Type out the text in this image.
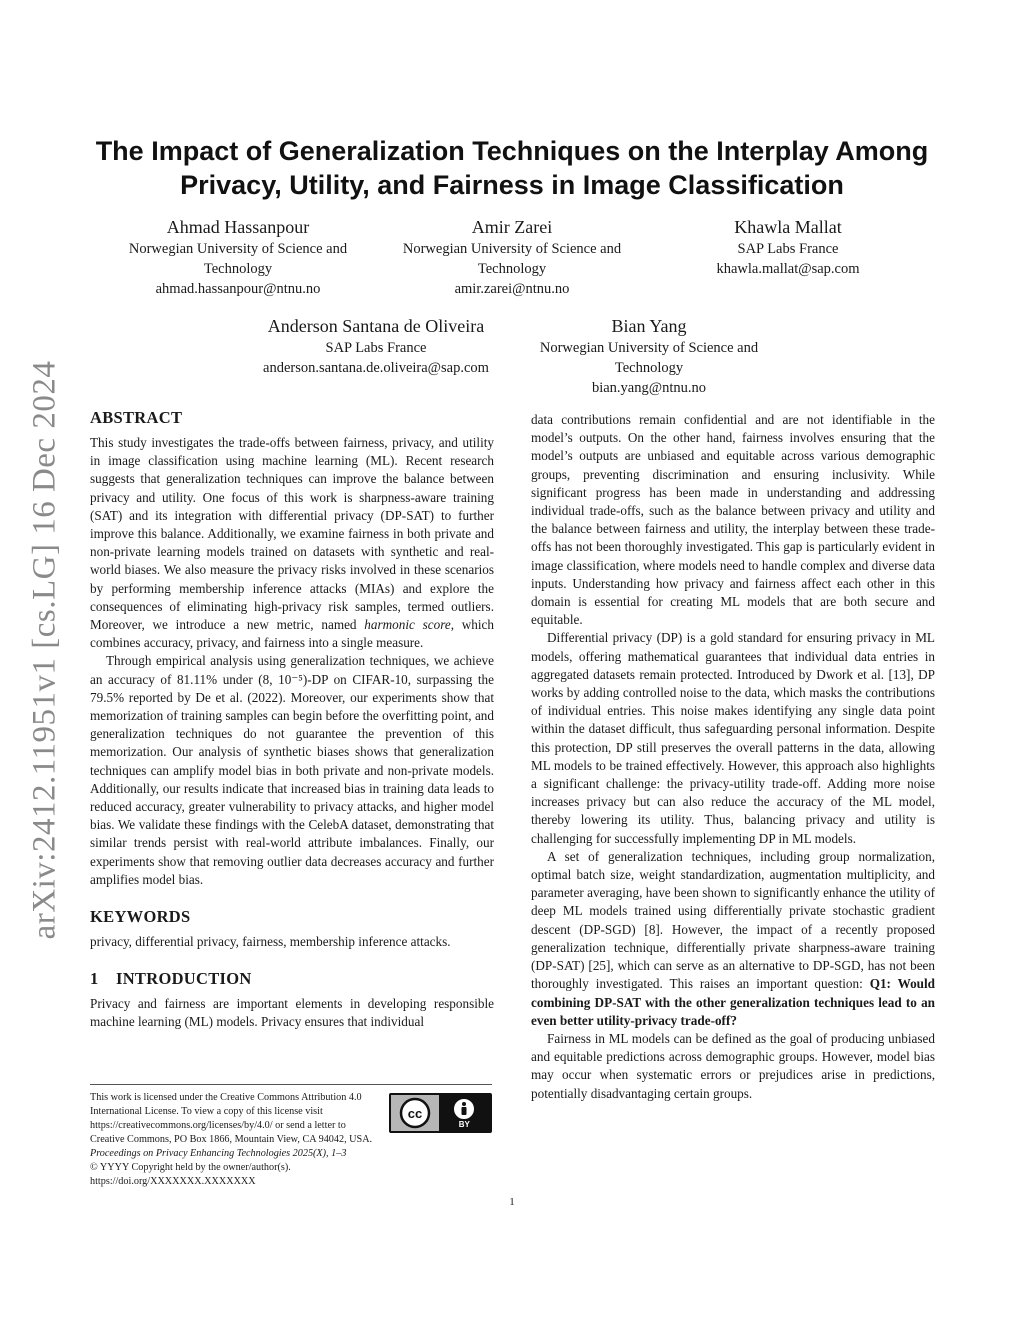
arXiv:2412.11951v1 [cs.LG] 16 Dec 2024
The Impact of Generalization Techniques on the Interplay Among
Privacy, Utility, and Fairness in Image Classification
Ahmad Hassanpour
Norwegian University of Science and
Technology
ahmad.hassanpour@ntnu.no
Amir Zarei
Norwegian University of Science and
Technology
amir.zarei@ntnu.no
Khawla Mallat
SAP Labs France
khawla.mallat@sap.com
Anderson Santana de Oliveira
SAP Labs France
anderson.santana.de.oliveira@sap.com
Bian Yang
Norwegian University of Science and
Technology
bian.yang@ntnu.no
ABSTRACT

This study investigates the trade-offs between fairness, privacy, and utility in image classification using machine learning (ML). Recent research suggests that generalization techniques can improve the balance between privacy and utility. One focus of this work is sharpness-aware training (SAT) and its integration with differential privacy (DP-SAT) to further improve this balance. Additionally, we examine fairness in both private and non-private learning models trained on datasets with synthetic and real-world biases. We also measure the privacy risks involved in these scenarios by performing membership inference attacks (MIAs) and explore the consequences of eliminating high-privacy risk samples, termed outliers. Moreover, we introduce a new metric, named harmonic score, which combines accuracy, privacy, and fairness into a single measure.

Through empirical analysis using generalization techniques, we achieve an accuracy of 81.11% under (8, 10⁻⁵)-DP on CIFAR-10, surpassing the 79.5% reported by De et al. (2022). Moreover, our experiments show that memorization of training samples can begin before the overfitting point, and generalization techniques do not guarantee the prevention of this memorization. Our analysis of synthetic biases shows that generalization techniques can amplify model bias in both private and non-private models. Additionally, our results indicate that increased bias in training data leads to reduced accuracy, greater vulnerability to privacy attacks, and higher model bias. We validate these findings with the CelebA dataset, demonstrating that similar trends persist with real-world attribute imbalances. Finally, our experiments show that removing outlier data decreases accuracy and further amplifies model bias.

KEYWORDS

privacy, differential privacy, fairness, membership inference attacks.

1 INTRODUCTION

Privacy and fairness are important elements in developing responsible machine learning (ML) models. Privacy ensures that individual

data contributions remain confidential and are not identifiable in the model’s outputs. On the other hand, fairness involves ensuring that the model’s outputs are unbiased and equitable across various demographic groups, preventing discrimination and ensuring inclusivity. While significant progress has been made in understanding and addressing individual trade-offs, such as the balance between privacy and utility and the balance between fairness and utility, the interplay between these trade-offs has not been thoroughly investigated. This gap is particularly evident in image classification, where models need to handle complex and diverse data inputs. Understanding how privacy and fairness affect each other in this domain is essential for creating ML models that are both secure and equitable.

Differential privacy (DP) is a gold standard for ensuring privacy in ML models, offering mathematical guarantees that individual data entries in aggregated datasets remain protected. Introduced by Dwork et al. [13], DP works by adding controlled noise to the data, which masks the contributions of individual entries. This noise makes identifying any single data point within the dataset difficult, thus safeguarding personal information. Despite this protection, DP still preserves the overall patterns in the data, allowing ML models to be trained effectively. However, this approach also highlights a significant challenge: the privacy-utility trade-off. Adding more noise increases privacy but can also reduce the accuracy of the ML model, thereby lowering its utility. Thus, balancing privacy and utility is challenging for successfully implementing DP in ML models.

A set of generalization techniques, including group normalization, optimal batch size, weight standardization, augmentation multiplicity, and parameter averaging, have been shown to significantly enhance the utility of deep ML models trained using differentially private stochastic gradient descent (DP-SGD) [8]. However, the impact of a recently proposed generalization technique, differentially private sharpness-aware training (DP-SAT) [25], which can serve as an alternative to DP-SGD, has not been thoroughly investigated. This raises an important question: Q1: Would combining DP-SAT with the other generalization techniques lead to an even better utility-privacy trade-off?

Fairness in ML models can be defined as the goal of producing unbiased and equitable predictions across demographic groups. However, model bias may occur when systematic errors or prejudices arise in predictions, potentially disadvantaging certain groups.

This work is licensed under the Creative Commons Attribution 4.0 International License. To view a copy of this license visit https://creativecommons.org/licenses/by/4.0/ or send a letter to Creative Commons, PO Box 1866, Mountain View, CA 94042, USA.
cc
BY
Proceedings on Privacy Enhancing Technologies 2025(X), 1–3
© YYYY Copyright held by the owner/author(s).
https://doi.org/XXXXXXX.XXXXXXX
1
